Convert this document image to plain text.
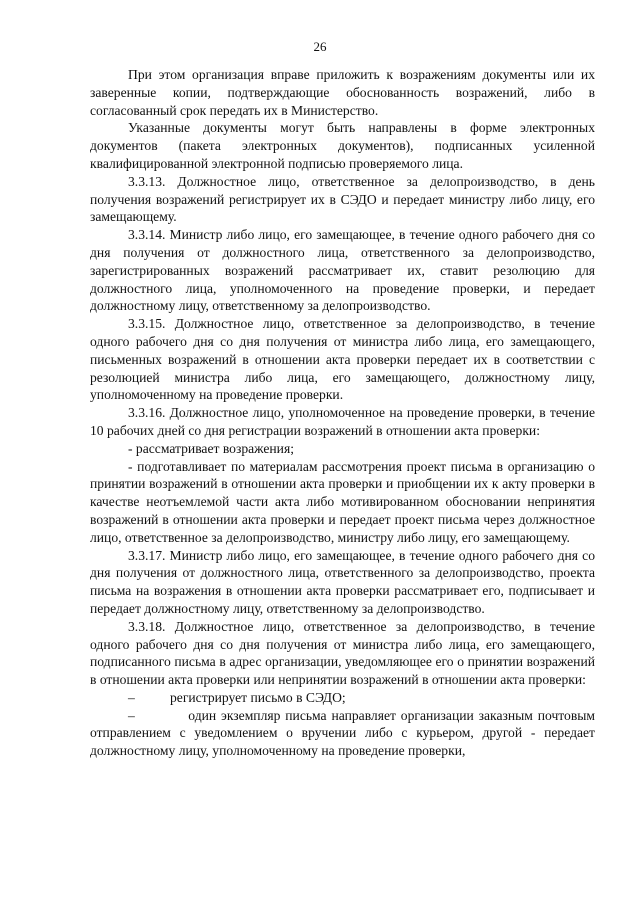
26

При этом организация вправе приложить к возражениям документы или их заверенные копии, подтверждающие обоснованность возражений, либо в согласованный срок передать их в Министерство.

Указанные документы могут быть направлены в форме электронных документов (пакета электронных документов), подписанных усиленной квалифицированной электронной подписью проверяемого лица.

3.3.13. Должностное лицо, ответственное за делопроизводство, в день получения возражений регистрирует их в СЭДО и передает министру либо лицу, его замещающему.

3.3.14. Министр либо лицо, его замещающее, в течение одного рабочего дня со дня получения от должностного лица, ответственного за делопроизводство, зарегистрированных возражений рассматривает их, ставит резолюцию для должностного лица, уполномоченного на проведение проверки, и передает должностному лицу, ответственному за делопроизводство.

3.3.15. Должностное лицо, ответственное за делопроизводство, в течение одного рабочего дня со дня получения от министра либо лица, его замещающего, письменных возражений в отношении акта проверки передает их в соответствии с резолюцией министра либо лица, его замещающего, должностному лицу, уполномоченному на проведение проверки.

3.3.16. Должностное лицо, уполномоченное на проведение проверки, в течение 10 рабочих дней со дня регистрации возражений в отношении акта проверки:

- рассматривает возражения;

- подготавливает по материалам рассмотрения проект письма в организацию о принятии возражений в отношении акта проверки и приобщении их к акту проверки в качестве неотъемлемой части акта либо мотивированном обосновании непринятия возражений в отношении акта проверки и передает проект письма через должностное лицо, ответственное за делопроизводство, министру либо лицу, его замещающему.

3.3.17. Министр либо лицо, его замещающее, в течение одного рабочего дня со дня получения от должностного лица, ответственного за делопроизводство, проекта письма на возражения в отношении акта проверки рассматривает его, подписывает и передает должностному лицу, ответственному за делопроизводство.

3.3.18. Должностное лицо, ответственное за делопроизводство, в течение одного рабочего дня со дня получения от министра либо лица, его замещающего, подписанного письма в адрес организации, уведомляющее его о принятии возражений в отношении акта проверки или непринятии возражений в отношении акта проверки:

–	регистрирует письмо в СЭДО;

–	один экземпляр письма направляет организации заказным почтовым отправлением с уведомлением о вручении либо с курьером, другой - передает должностному лицу, уполномоченному на проведение проверки,
